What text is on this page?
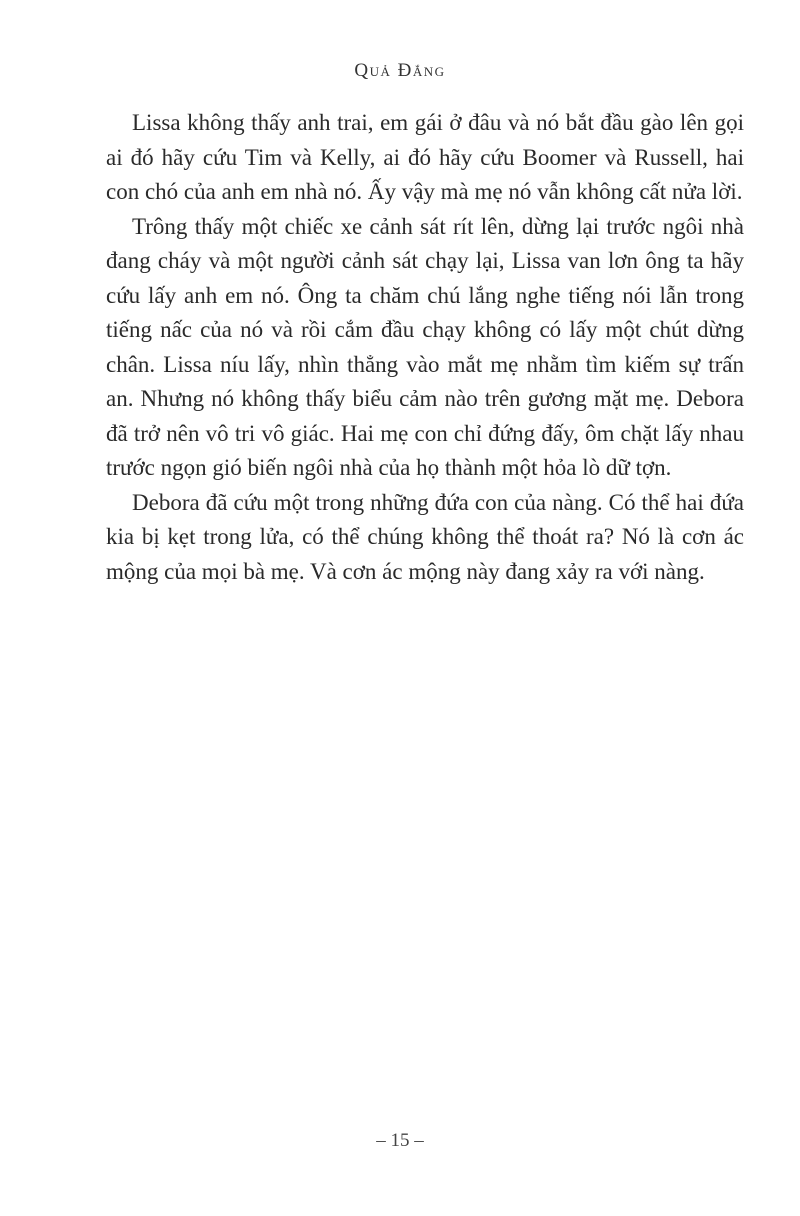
Quả Đắng

Lissa không thấy anh trai, em gái ở đâu và nó bắt đầu gào lên gọi ai đó hãy cứu Tim và Kelly, ai đó hãy cứu Boomer và Russell, hai con chó của anh em nhà nó. Ấy vậy mà mẹ nó vẫn không cất nửa lời.

Trông thấy một chiếc xe cảnh sát rít lên, dừng lại trước ngôi nhà đang cháy và một người cảnh sát chạy lại, Lissa van lơn ông ta hãy cứu lấy anh em nó. Ông ta chăm chú lắng nghe tiếng nói lẫn trong tiếng nấc của nó và rồi cắm đầu chạy không có lấy một chút dừng chân. Lissa níu lấy, nhìn thẳng vào mắt mẹ nhằm tìm kiếm sự trấn an. Nhưng nó không thấy biểu cảm nào trên gương mặt mẹ. Debora đã trở nên vô tri vô giác. Hai mẹ con chỉ đứng đấy, ôm chặt lấy nhau trước ngọn gió biến ngôi nhà của họ thành một hỏa lò dữ tợn.

Debora đã cứu một trong những đứa con của nàng. Có thể hai đứa kia bị kẹt trong lửa, có thể chúng không thể thoát ra? Nó là cơn ác mộng của mọi bà mẹ. Và cơn ác mộng này đang xảy ra với nàng.

– 15 –
